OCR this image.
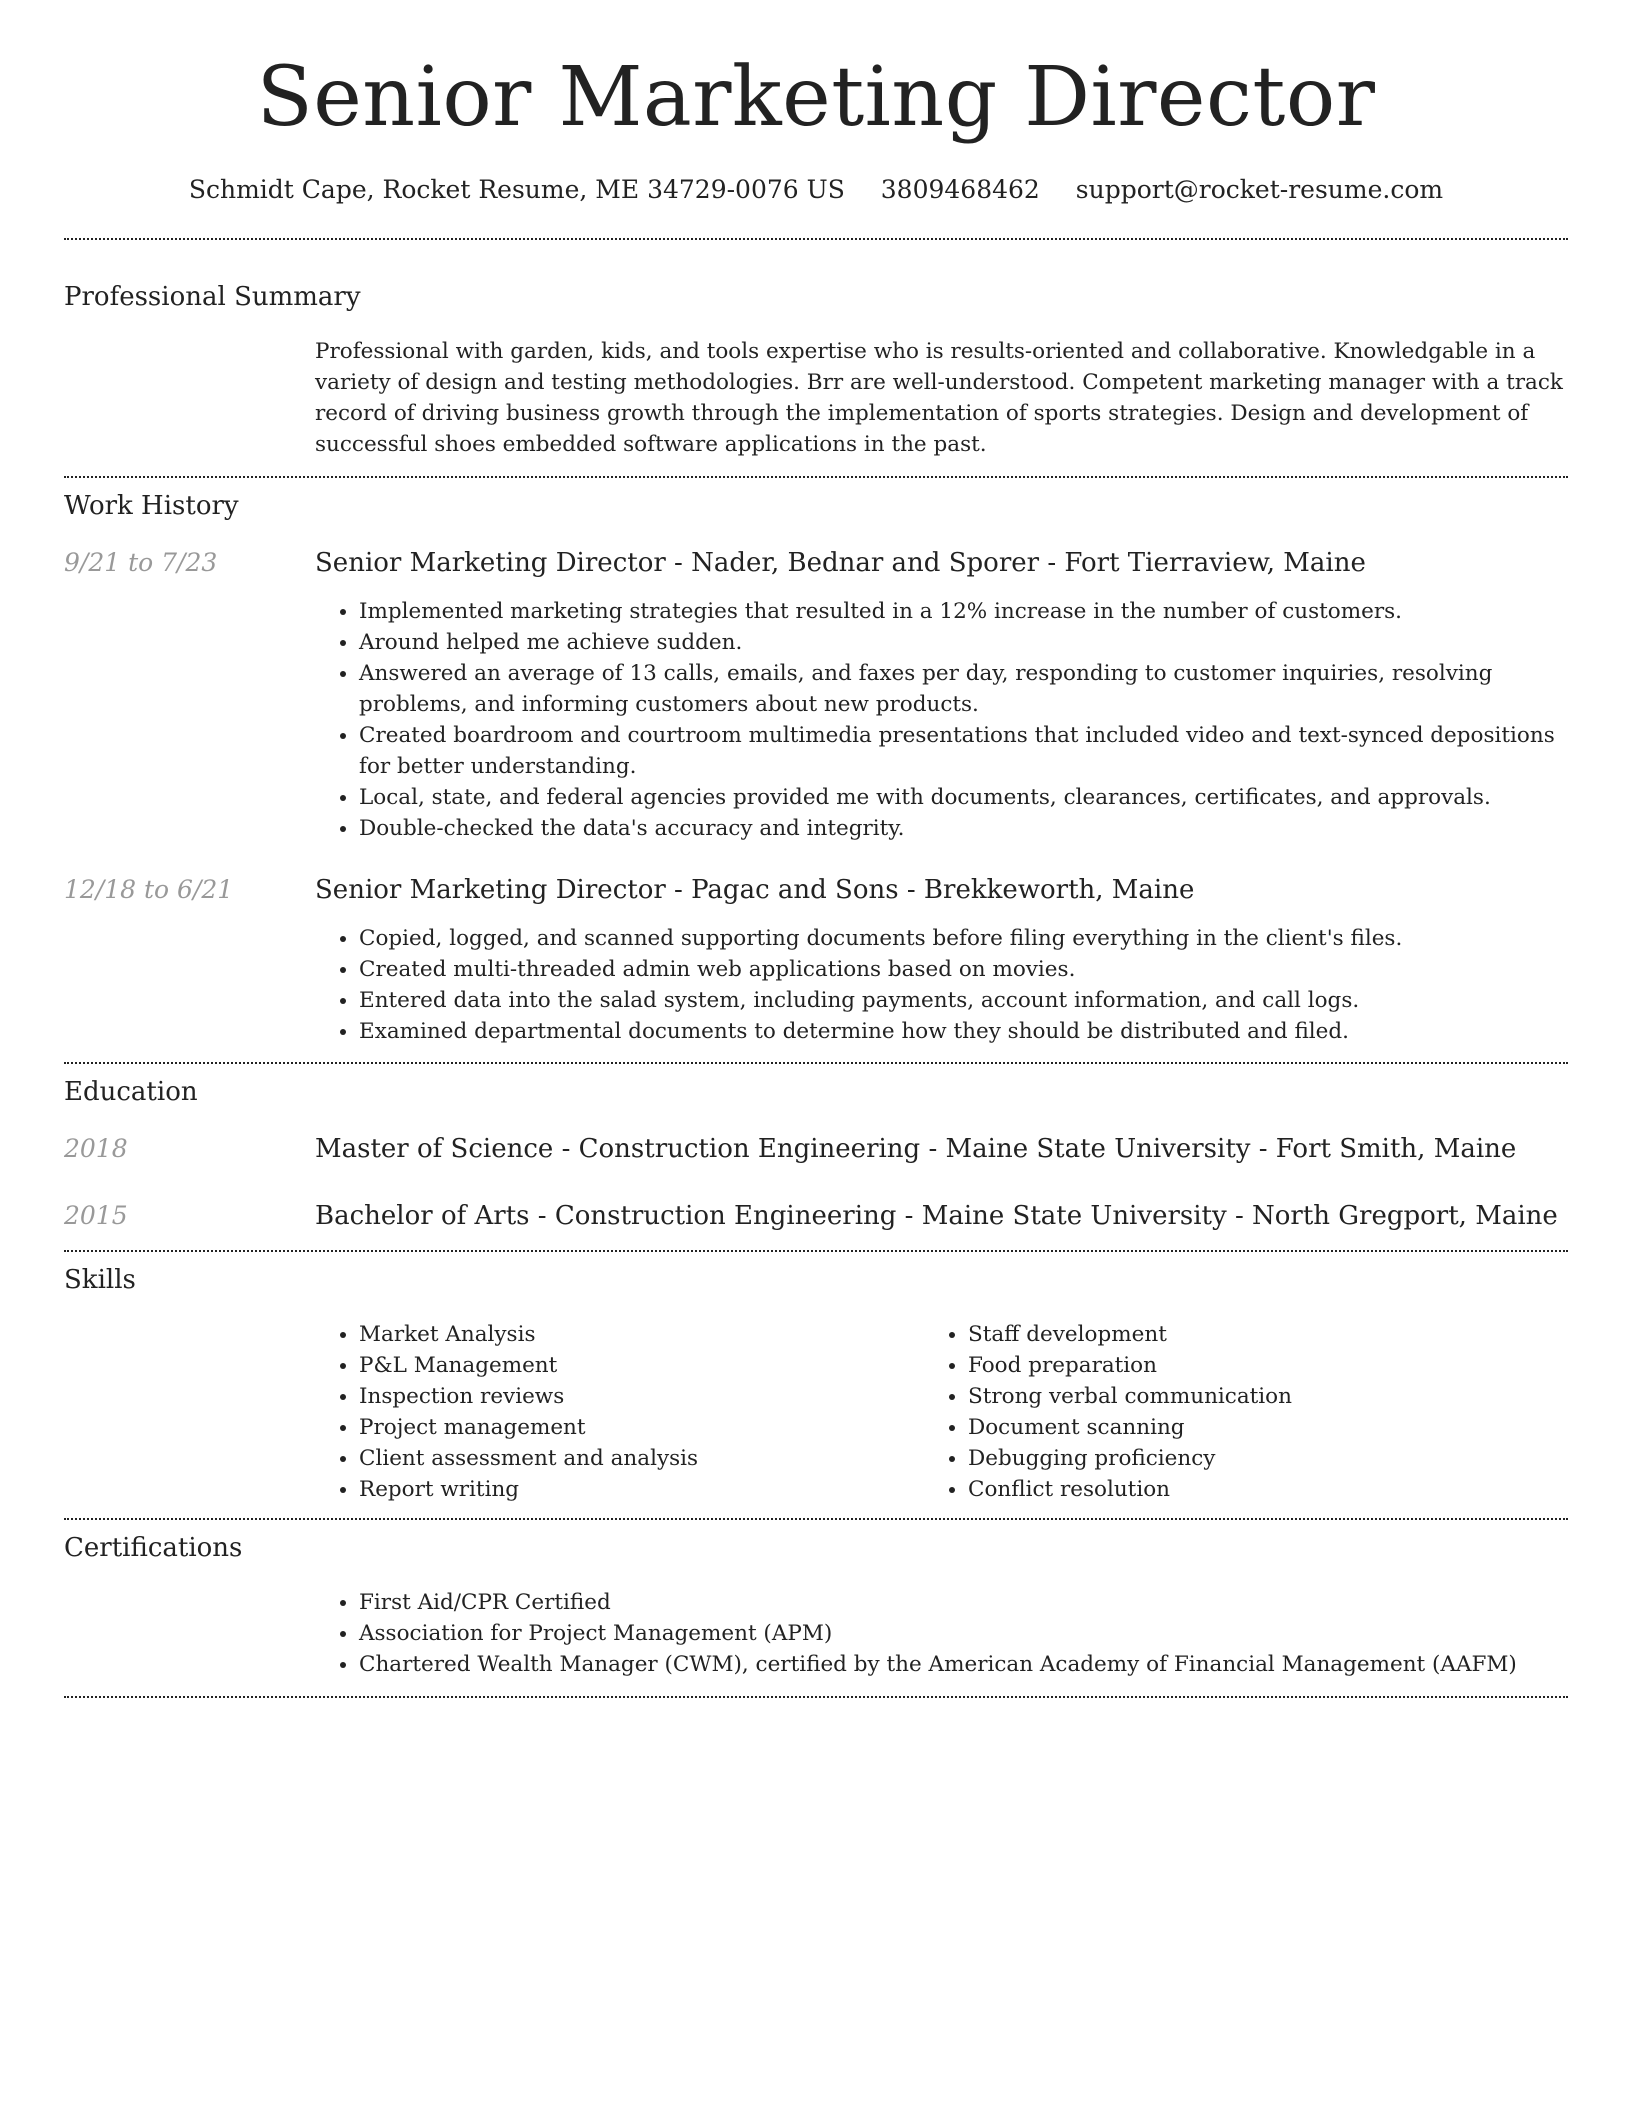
Senior Marketing Director
Schmidt Cape, Rocket Resume, ME 34729-0076 US 3809468462 support@rocket-resume.com
Professional Summary
Professional with garden, kids, and tools expertise who is results-oriented and collaborative. Knowledgable in a variety of design and testing methodologies. Brr are well-understood. Competent marketing manager with a track record of driving business growth through the implementation of sports strategies. Design and development of successful shoes embedded software applications in the past.
Work History
9/21 to 7/23	Senior Marketing Director - Nader, Bednar and Sporer - Fort Tierraview, Maine
• Implemented marketing strategies that resulted in a 12% increase in the number of customers.
• Around helped me achieve sudden.
• Answered an average of 13 calls, emails, and faxes per day, responding to customer inquiries, resolving problems, and informing customers about new products.
• Created boardroom and courtroom multimedia presentations that included video and text-synced depositions for better understanding.
• Local, state, and federal agencies provided me with documents, clearances, certificates, and approvals.
• Double-checked the data's accuracy and integrity.
12/18 to 6/21	Senior Marketing Director - Pagac and Sons - Brekkeworth, Maine
• Copied, logged, and scanned supporting documents before filing everything in the client's files.
• Created multi-threaded admin web applications based on movies.
• Entered data into the salad system, including payments, account information, and call logs.
• Examined departmental documents to determine how they should be distributed and filed.
Education
2018	Master of Science - Construction Engineering - Maine State University - Fort Smith, Maine
2015	Bachelor of Arts - Construction Engineering - Maine State University - North Gregport, Maine
Skills
• Market Analysis
• P&L Management
• Inspection reviews
• Project management
• Client assessment and analysis
• Report writing
• Staff development
• Food preparation
• Strong verbal communication
• Document scanning
• Debugging proficiency
• Conflict resolution
Certifications
• First Aid/CPR Certified
• Association for Project Management (APM)
• Chartered Wealth Manager (CWM), certified by the American Academy of Financial Management (AAFM)
